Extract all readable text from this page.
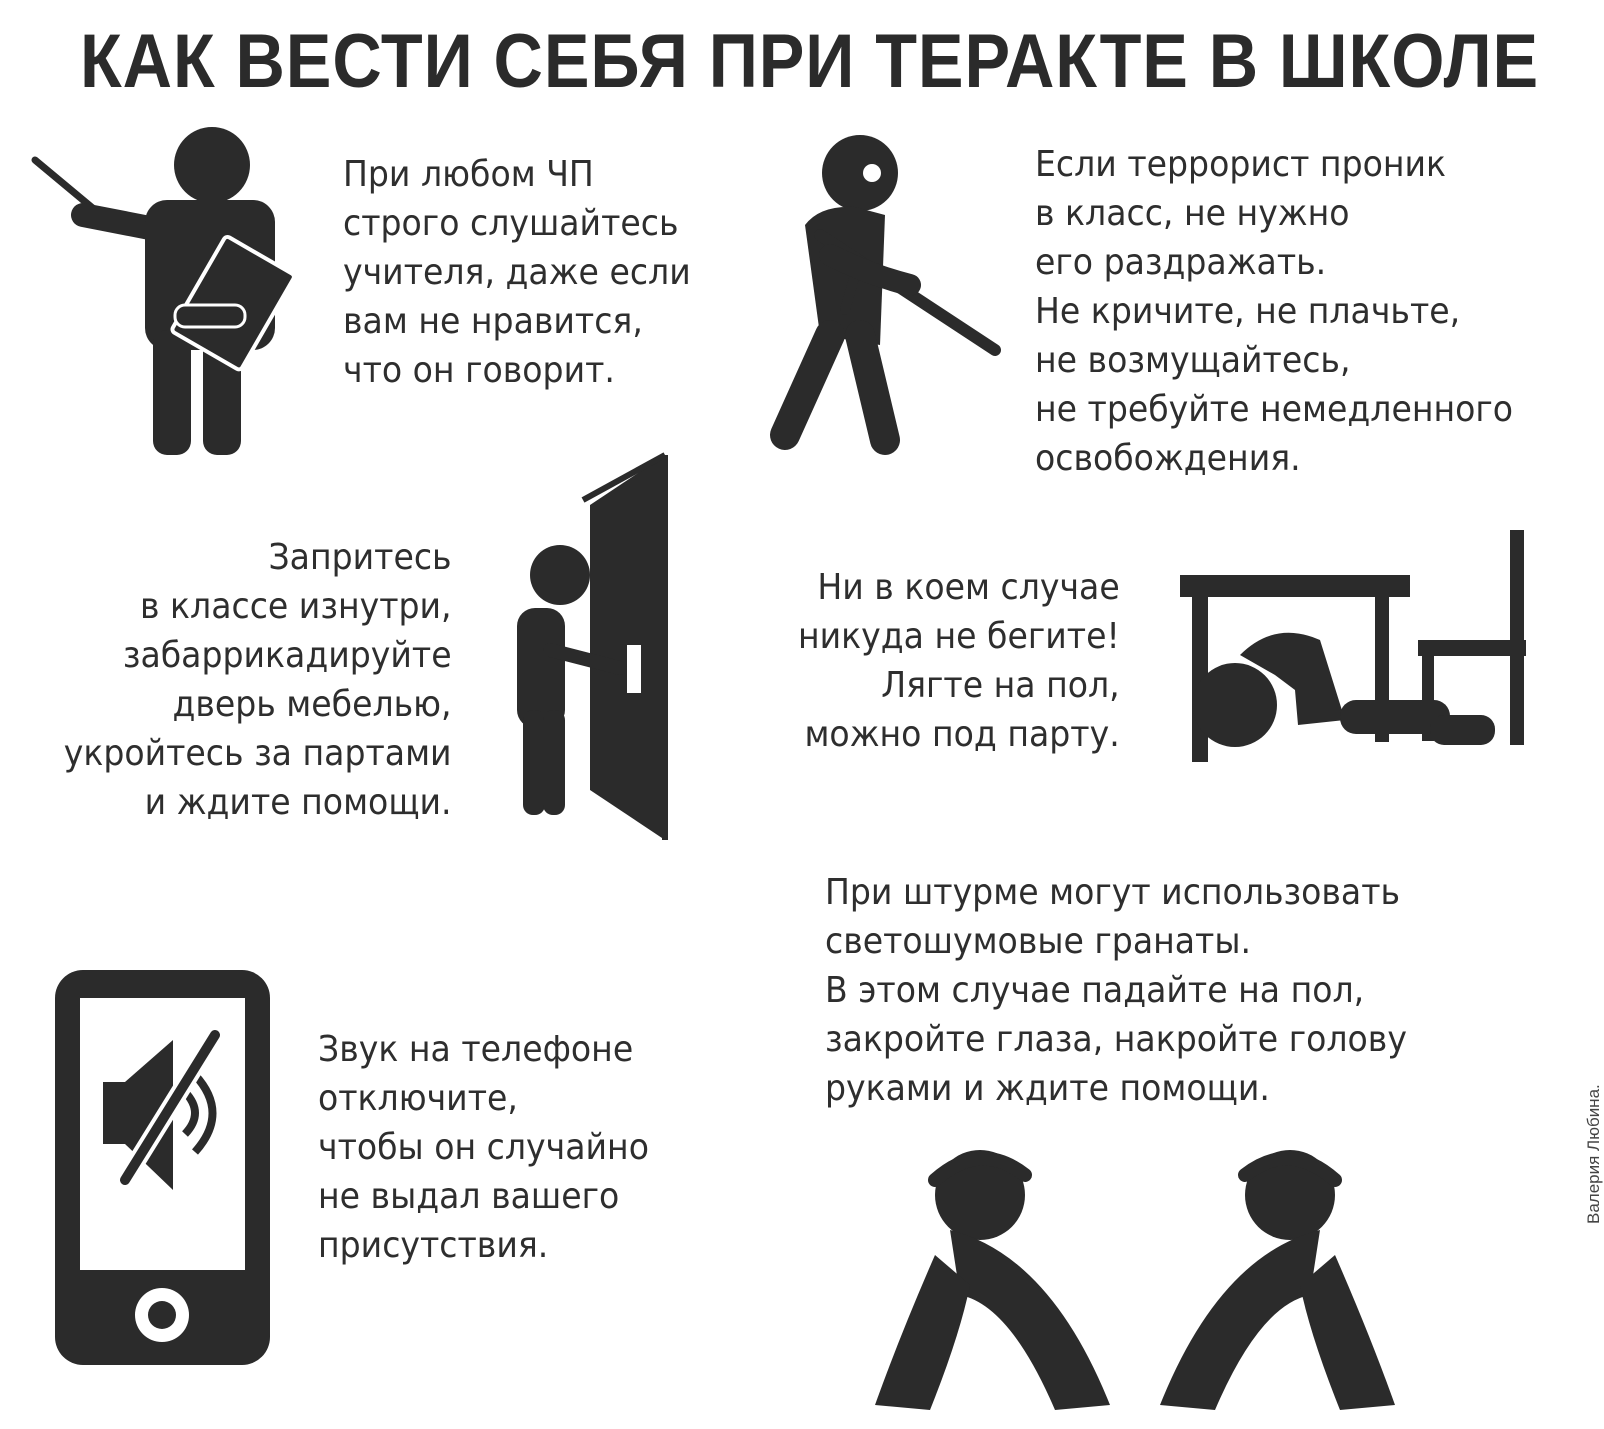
КАК ВЕСТИ СЕБЯ ПРИ ТЕРАКТЕ В ШКОЛЕ
При любом ЧП
строго слушайтесь
учителя, даже если
вам не нравится,
что он говорит.
Если террорист проник
в класс, не нужно
его раздражать.
Не кричите, не плачьте,
не возмущайтесь,
не требуйте немедленного
освобождения.
Запритесь
в классе изнутри,
забаррикадируйте
дверь мебелью,
укройтесь за партами
и ждите помощи.
Ни в коем случае
никуда не бегите!
Лягте на пол,
можно под парту.
Звук на телефоне
отключите,
чтобы он случайно
не выдал вашего
присутствия.
При штурме могут использовать
светошумовые гранаты.
В этом случае падайте на пол,
закройте глаза, накройте голову
руками и ждите помощи.	Валерия Любина.
